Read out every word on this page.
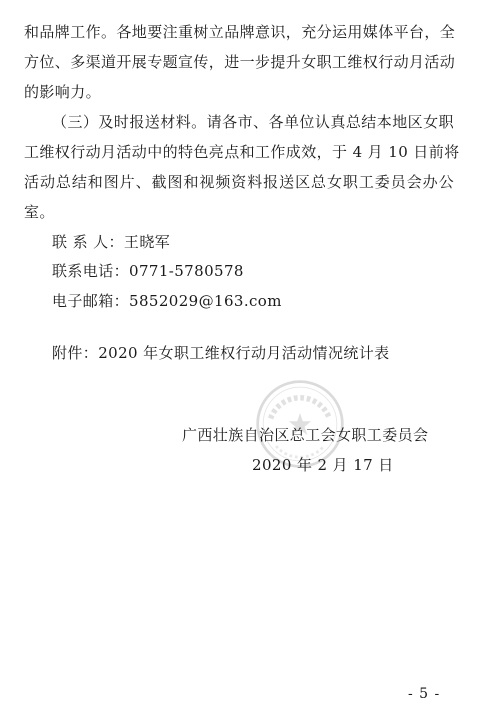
和品牌工作。各地要注重树立品牌意识，充分运用媒体平台，全
方位、多渠道开展专题宣传，进一步提升女职工维权行动月活动
的影响力。
（三）及时报送材料。请各市、各单位认真总结本地区女职
工维权行动月活动中的特色亮点和工作成效，于 4 月 10 日前将
活动总结和图片、截图和视频资料报送区总女职工委员会办公
室。
联 系 人：王晓军
联系电话：0771-5780578
电子邮箱：5852029@163.com
附件：2020 年女职工维权行动月活动情况统计表
广西壮族自治区总工会女职工委员会
2020 年 2 月 17 日
- 5 -
